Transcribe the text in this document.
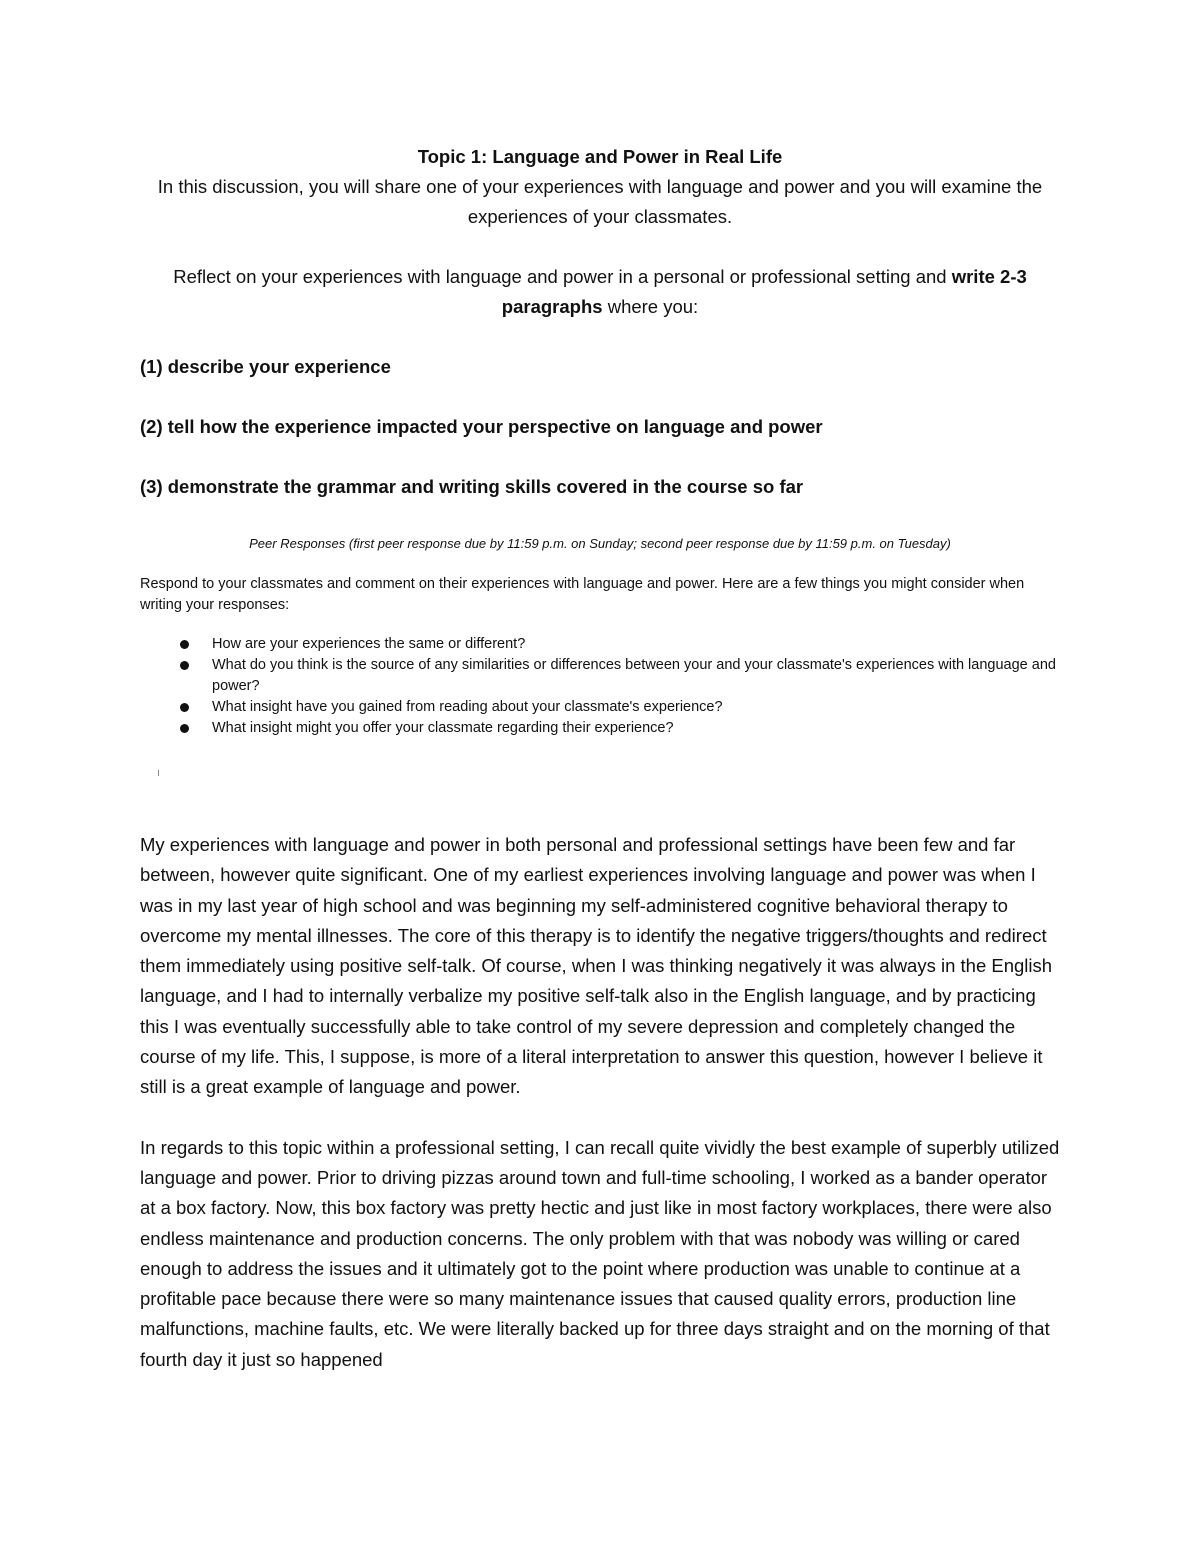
Topic 1: Language and Power in Real Life

In this discussion, you will share one of your experiences with language and power and you will examine the experiences of your classmates.

Reflect on your experiences with language and power in a personal or professional setting and write 2-3 paragraphs where you:

(1) describe your experience

(2) tell how the experience impacted your perspective on language and power

(3) demonstrate the grammar and writing skills covered in the course so far

Peer Responses (first peer response due by 11:59 p.m. on Sunday; second peer response due by 11:59 p.m. on Tuesday)

Respond to your classmates and comment on their experiences with language and power. Here are a few things you might consider when writing your responses:

How are your experiences the same or different?
What do you think is the source of any similarities or differences between your and your classmate's experiences with language and power?
What insight have you gained from reading about your classmate's experience?
What insight might you offer your classmate regarding their experience?

My experiences with language and power in both personal and professional settings have been few and far between, however quite significant. One of my earliest experiences involving language and power was when I was in my last year of high school and was beginning my self-administered cognitive behavioral therapy to overcome my mental illnesses. The core of this therapy is to identify the negative triggers/thoughts and redirect them immediately using positive self-talk. Of course, when I was thinking negatively it was always in the English language, and I had to internally verbalize my positive self-talk also in the English language, and by practicing this I was eventually successfully able to take control of my severe depression and completely changed the course of my life. This, I suppose, is more of a literal interpretation to answer this question, however I believe it still is a great example of language and power.

In regards to this topic within a professional setting, I can recall quite vividly the best example of superbly utilized language and power. Prior to driving pizzas around town and full-time schooling, I worked as a bander operator at a box factory. Now, this box factory was pretty hectic and just like in most factory workplaces, there were also endless maintenance and production concerns. The only problem with that was nobody was willing or cared enough to address the issues and it ultimately got to the point where production was unable to continue at a profitable pace because there were so many maintenance issues that caused quality errors, production line malfunctions, machine faults, etc. We were literally backed up for three days straight and on the morning of that fourth day it just so happened
